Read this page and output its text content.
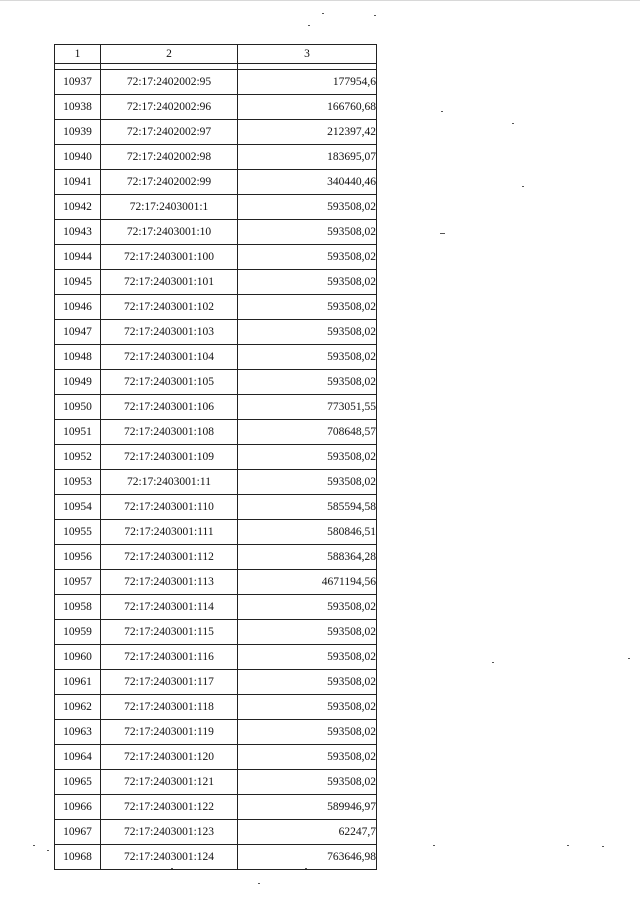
1	2	3

10937	72:17:2402002:95	177954,6
10938	72:17:2402002:96	166760,68
10939	72:17:2402002:97	212397,42
10940	72:17:2402002:98	183695,07
10941	72:17:2402002:99	340440,46
10942	72:17:2403001:1	593508,02
10943	72:17:2403001:10	593508,02
10944	72:17:2403001:100	593508,02
10945	72:17:2403001:101	593508,02
10946	72:17:2403001:102	593508,02
10947	72:17:2403001:103	593508,02
10948	72:17:2403001:104	593508,02
10949	72:17:2403001:105	593508,02
10950	72:17:2403001:106	773051,55
10951	72:17:2403001:108	708648,57
10952	72:17:2403001:109	593508,02
10953	72:17:2403001:11	593508,02
10954	72:17:2403001:110	585594,58
10955	72:17:2403001:111	580846,51
10956	72:17:2403001:112	588364,28
10957	72:17:2403001:113	4671194,56
10958	72:17:2403001:114	593508,02
10959	72:17:2403001:115	593508,02
10960	72:17:2403001:116	593508,02
10961	72:17:2403001:117	593508,02
10962	72:17:2403001:118	593508,02
10963	72:17:2403001:119	593508,02
10964	72:17:2403001:120	593508,02
10965	72:17:2403001:121	593508,02
10966	72:17:2403001:122	589946,97
10967	72:17:2403001:123	62247,7
10968	72:17:2403001:124	763646,98
